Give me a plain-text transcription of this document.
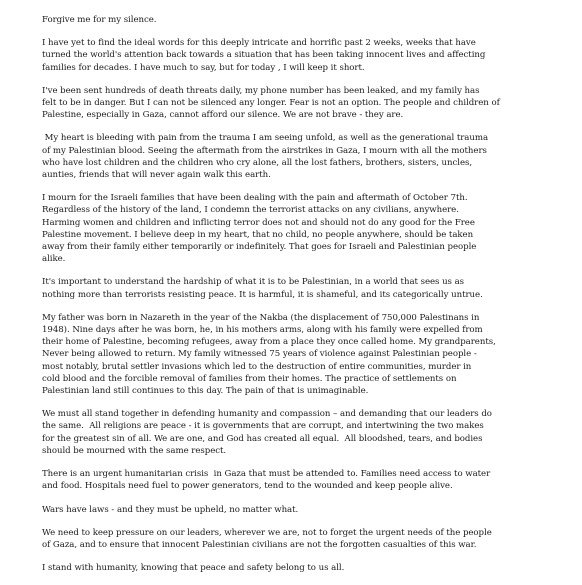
Forgive me for my silence.

I have yet to find the ideal words for this deeply intricate and horrific past 2 weeks, weeks that have
turned the world's attention back towards a situation that has been taking innocent lives and affecting
families for decades. I have much to say, but for today , I will keep it short.

I've been sent hundreds of death threats daily, my phone number has been leaked, and my family has
felt to be in danger. But I can not be silenced any longer. Fear is not an option. The people and children of
Palestine, especially in Gaza, cannot afford our silence. We are not brave - they are.

My heart is bleeding with pain from the trauma I am seeing unfold, as well as the generational trauma
of my Palestinian blood. Seeing the aftermath from the airstrikes in Gaza, I mourn with all the mothers
who have lost children and the children who cry alone, all the lost fathers, brothers, sisters, uncles,
aunties, friends that will never again walk this earth.

I mourn for the Israeli families that have been dealing with the pain and aftermath of October 7th.
Regardless of the history of the land, I condemn the terrorist attacks on any civilians, anywhere.
Harming women and children and inflicting terror does not and should not do any good for the Free
Palestine movement. I believe deep in my heart, that no child, no people anywhere, should be taken
away from their family either temporarily or indefinitely. That goes for Israeli and Palestinian people
alike.

It's important to understand the hardship of what it is to be Palestinian, in a world that sees us as
nothing more than terrorists resisting peace. It is harmful, it is shameful, and its categorically untrue.

My father was born in Nazareth in the year of the Nakba (the displacement of 750,000 Palestinans in
1948). Nine days after he was born, he, in his mothers arms, along with his family were expelled from
their home of Palestine, becoming refugees, away from a place they once called home. My grandparents,
Never being allowed to return. My family witnessed 75 years of violence against Palestinian people -
most notably, brutal settler invasions which led to the destruction of entire communities, murder in
cold blood and the forcible removal of families from their homes. The practice of settlements on
Palestinian land still continues to this day. The pain of that is unimaginable.

We must all stand together in defending humanity and compassion – and demanding that our leaders do
the same.  All religions are peace - it is governments that are corrupt, and intertwining the two makes
for the greatest sin of all. We are one, and God has created all equal.  All bloodshed, tears, and bodies
should be mourned with the same respect.

There is an urgent humanitarian crisis  in Gaza that must be attended to. Families need access to water
and food. Hospitals need fuel to power generators, tend to the wounded and keep people alive.

Wars have laws - and they must be upheld, no matter what.

We need to keep pressure on our leaders, wherever we are, not to forget the urgent needs of the people
of Gaza, and to ensure that innocent Palestinian civilians are not the forgotten casualties of this war.

I stand with humanity, knowing that peace and safety belong to us all.
